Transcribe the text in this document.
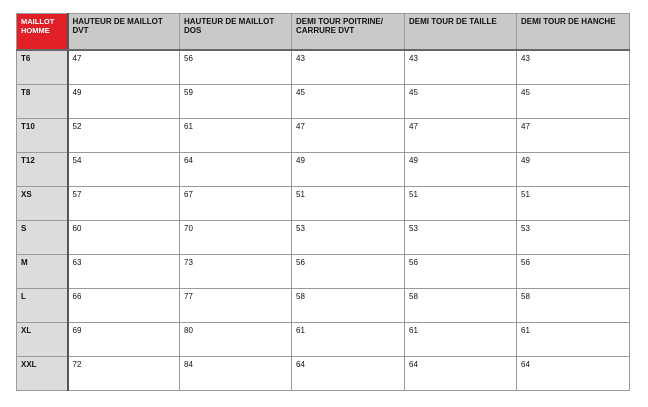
MAILLOT HOMME	HAUTEUR DE MAILLOT DVT	HAUTEUR DE MAILLOT DOS	DEMI TOUR POITRINE/ CARRURE DVT	DEMI TOUR DE TAILLE	DEMI TOUR DE HANCHE
T6	47	56	43	43	43
T8	49	59	45	45	45
T10	52	61	47	47	47
T12	54	64	49	49	49
XS	57	67	51	51	51
S	60	70	53	53	53
M	63	73	56	56	56
L	66	77	58	58	58
XL	69	80	61	61	61
XXL	72	84	64	64	64
